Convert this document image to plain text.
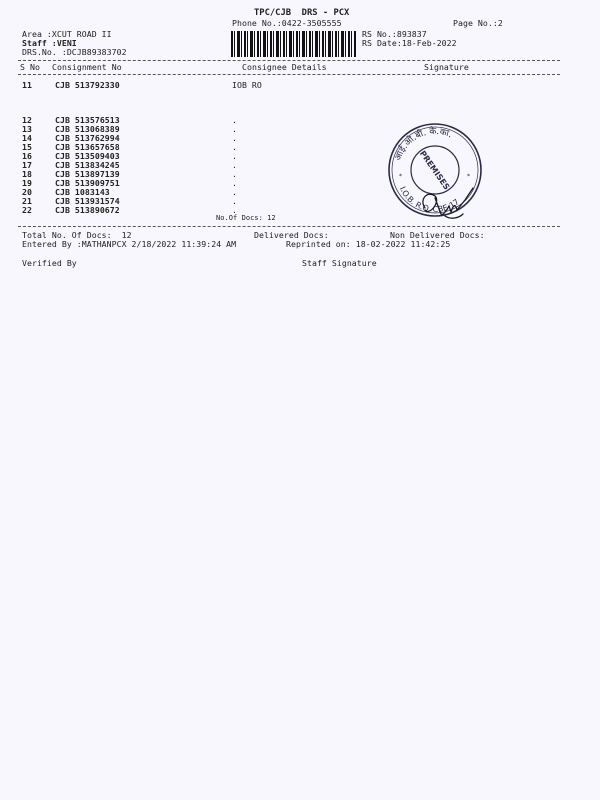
TPC/CJB  DRS - PCX
Phone No.:0422-3505555	Page No.:2
Area :XCUT ROAD II
Staff :VENI
DRS.No. :DCJB89383702
RS No.:893837
RS Date:18-Feb-2022
S No Consignment No	Consignee Details	Signature
11	CJB 513792330	IOB RO
12	CJB 513576513	.
13	CJB 513068389	.
14	CJB 513762994	.
15	CJB 513657658	.
16	CJB 513509403	.
17	CJB 513834245	.
18	CJB 513897139	.
19	CJB 513909751	.
20	CJB 1083143	.
21	CJB 513931574	.
22	CJB 513890672	.
No.Of Docs: 12
आई.ओ.बी. के.का.
I.O.B. R.O. CBE-17
PREMISES
*	*
Total No. Of Docs:  12	Delivered Docs:	Non Delivered Docs:
Entered By :MATHANPCX 2/18/2022 11:39:24 AM	Reprinted on: 18-02-2022 11:42:25
Verified By	Staff Signature
